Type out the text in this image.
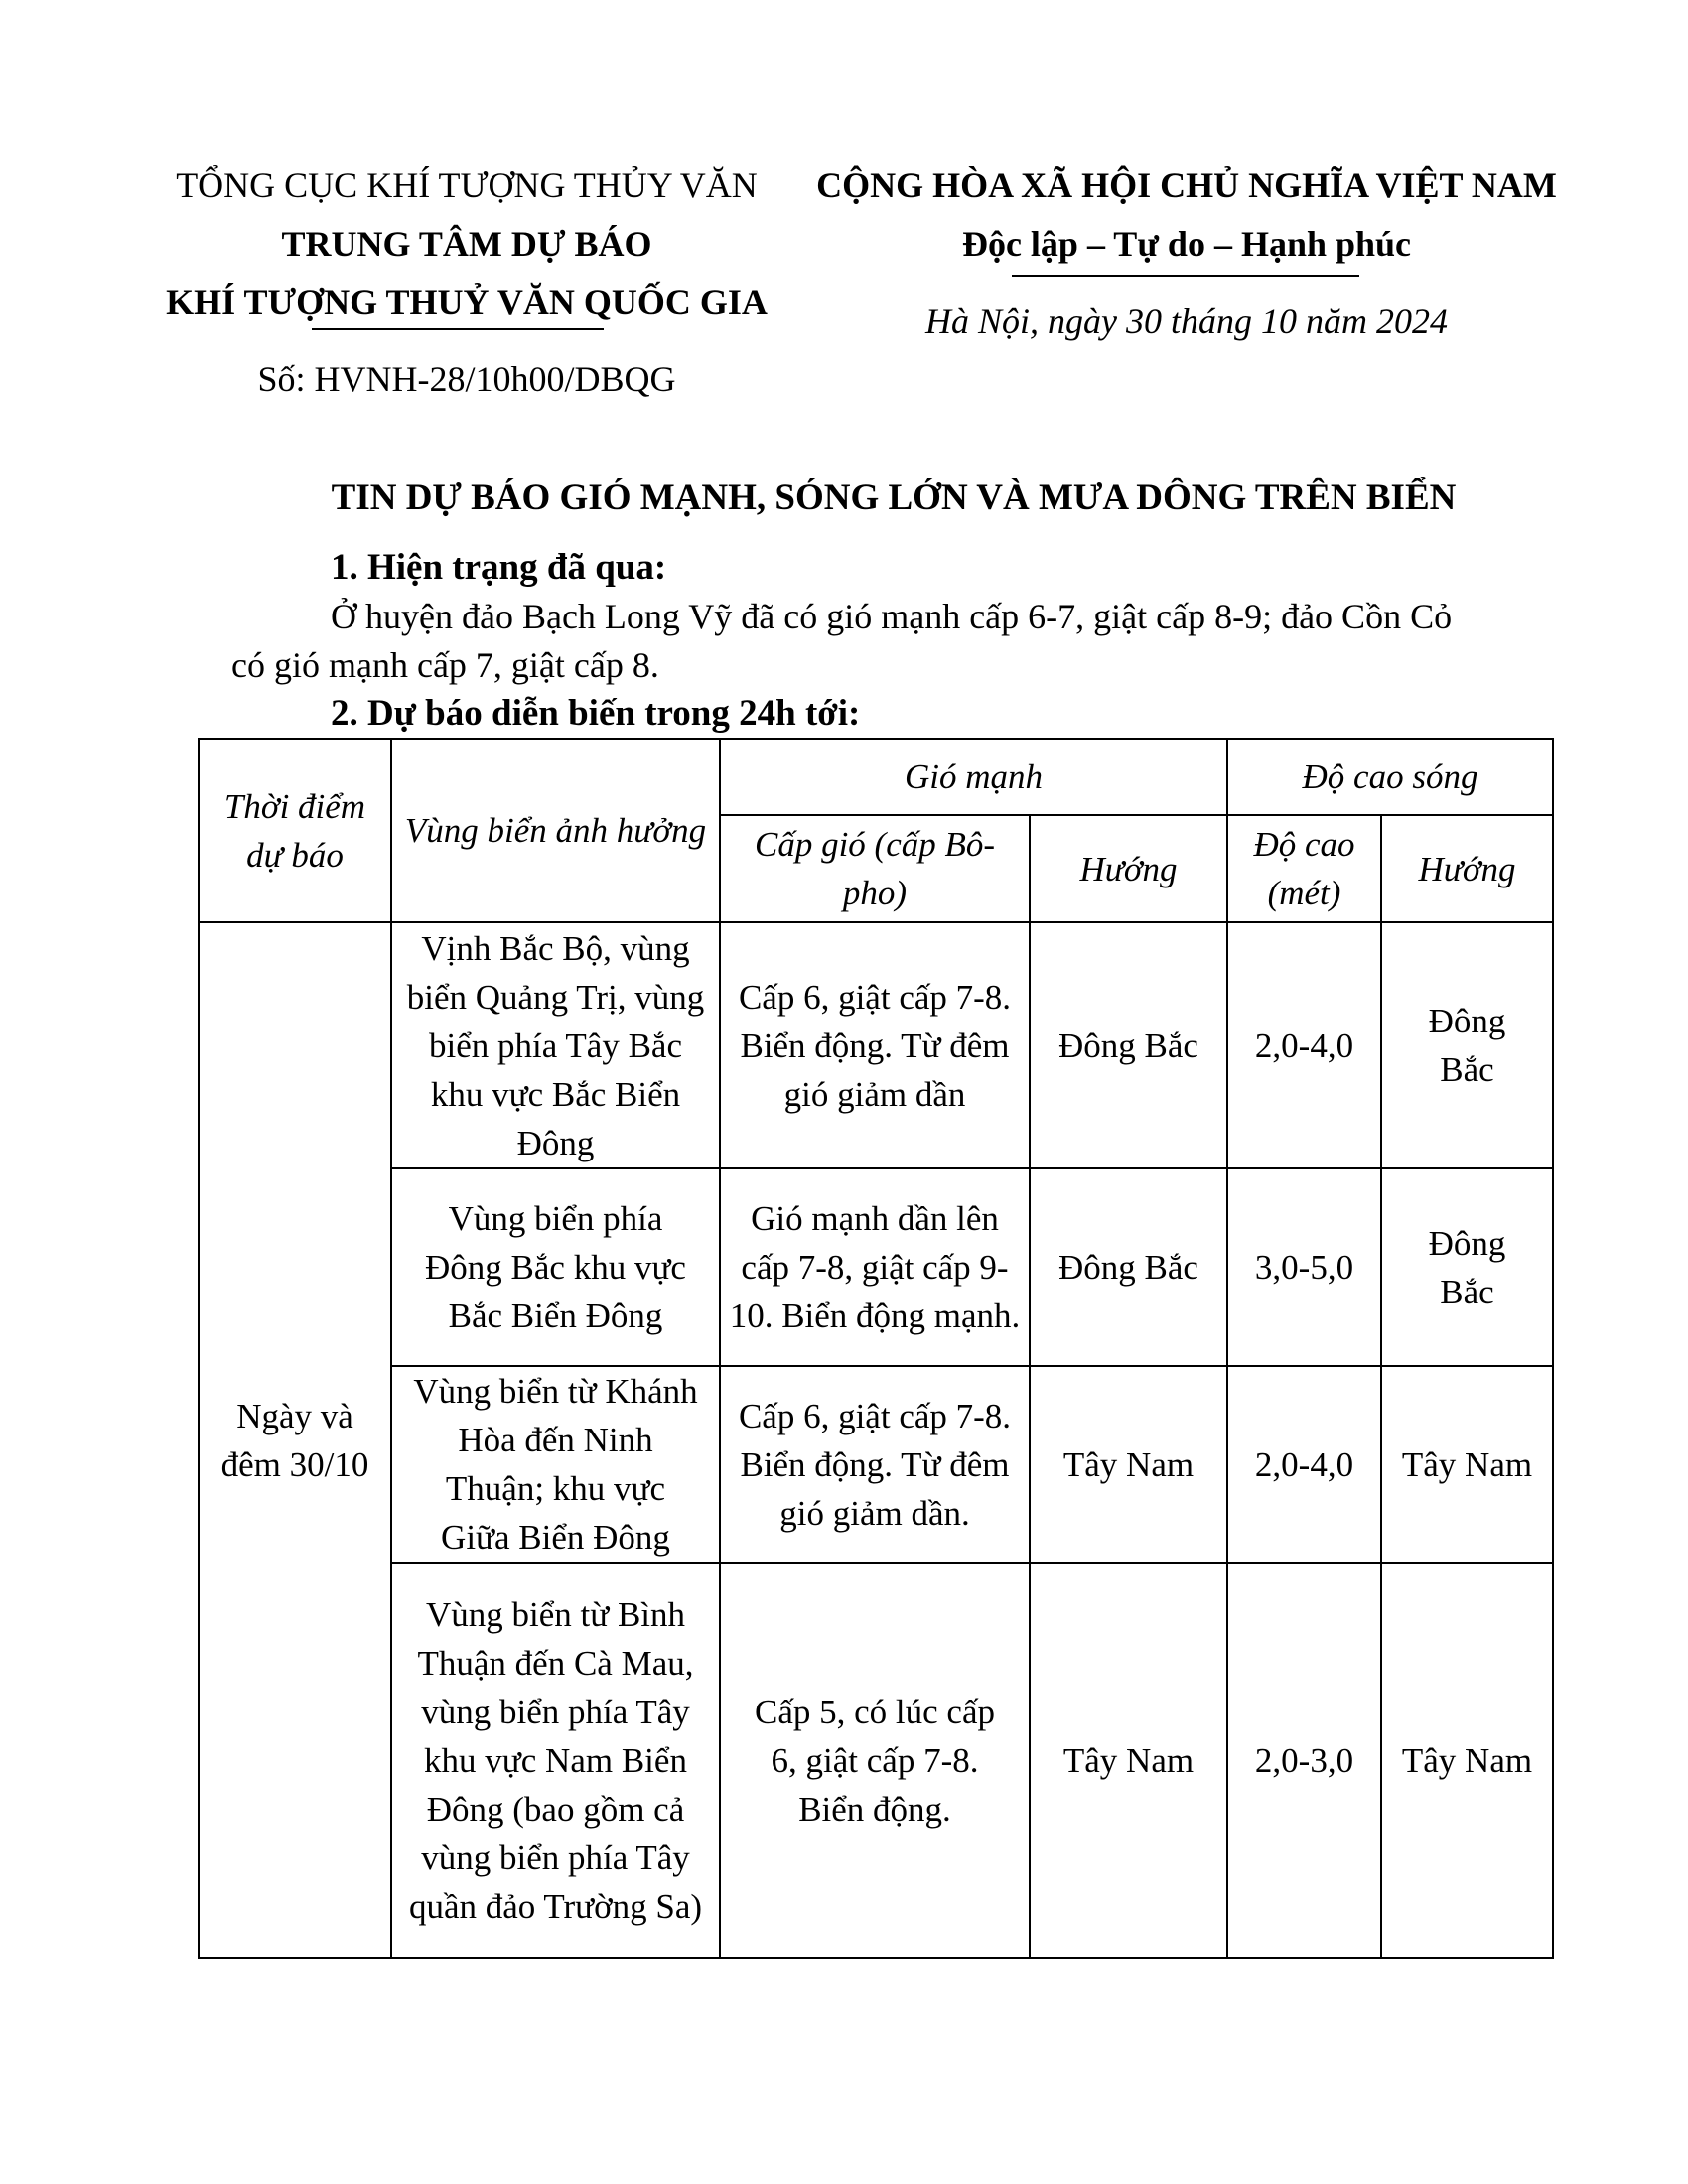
TỔNG CỤC KHÍ TƯỢNG THỦY VĂN
TRUNG TÂM DỰ BÁO
KHÍ TƯỢNG THUỶ VĂN QUỐC GIA
Số: HVNH-28/10h00/DBQG
CỘNG HÒA XÃ HỘI CHỦ NGHĨA VIỆT NAM
Độc lập – Tự do – Hạnh phúc
Hà Nội, ngày 30 tháng 10 năm 2024
TIN DỰ BÁO GIÓ MẠNH, SÓNG LỚN VÀ MƯA DÔNG TRÊN BIỂN
1. Hiện trạng đã qua:
Ở huyện đảo Bạch Long Vỹ đã có gió mạnh cấp 6-7, giật cấp 8-9; đảo Cồn Cỏ
có gió mạnh cấp 7, giật cấp 8.
2. Dự báo diễn biến trong 24h tới:
Thời điểm dự báo	Vùng biển ảnh hưởng	Gió mạnh		Độ cao sóng	
		Cấp gió (cấp Bô-pho)	Hướng	Độ cao (mét)	Hướng
Ngày và đêm 30/10	Vịnh Bắc Bộ, vùng biển Quảng Trị, vùng biển phía Tây Bắc khu vực Bắc Biển Đông	Cấp 6, giật cấp 7-8. Biển động. Từ đêm gió giảm dần	Đông Bắc	2,0-4,0	Đông Bắc
	Vùng biển phía Đông Bắc khu vực Bắc Biển Đông	Gió mạnh dần lên cấp 7-8, giật cấp 9-10. Biển động mạnh.	Đông Bắc	3,0-5,0	Đông Bắc
	Vùng biển từ Khánh Hòa đến Ninh Thuận; khu vực Giữa Biển Đông	Cấp 6, giật cấp 7-8. Biển động. Từ đêm gió giảm dần.	Tây Nam	2,0-4,0	Tây Nam
	Vùng biển từ Bình Thuận đến Cà Mau, vùng biển phía Tây khu vực Nam Biển Đông (bao gồm cả vùng biển phía Tây quần đảo Trường Sa)	Cấp 5, có lúc cấp 6, giật cấp 7-8. Biển động.	Tây Nam	2,0-3,0	Tây Nam
